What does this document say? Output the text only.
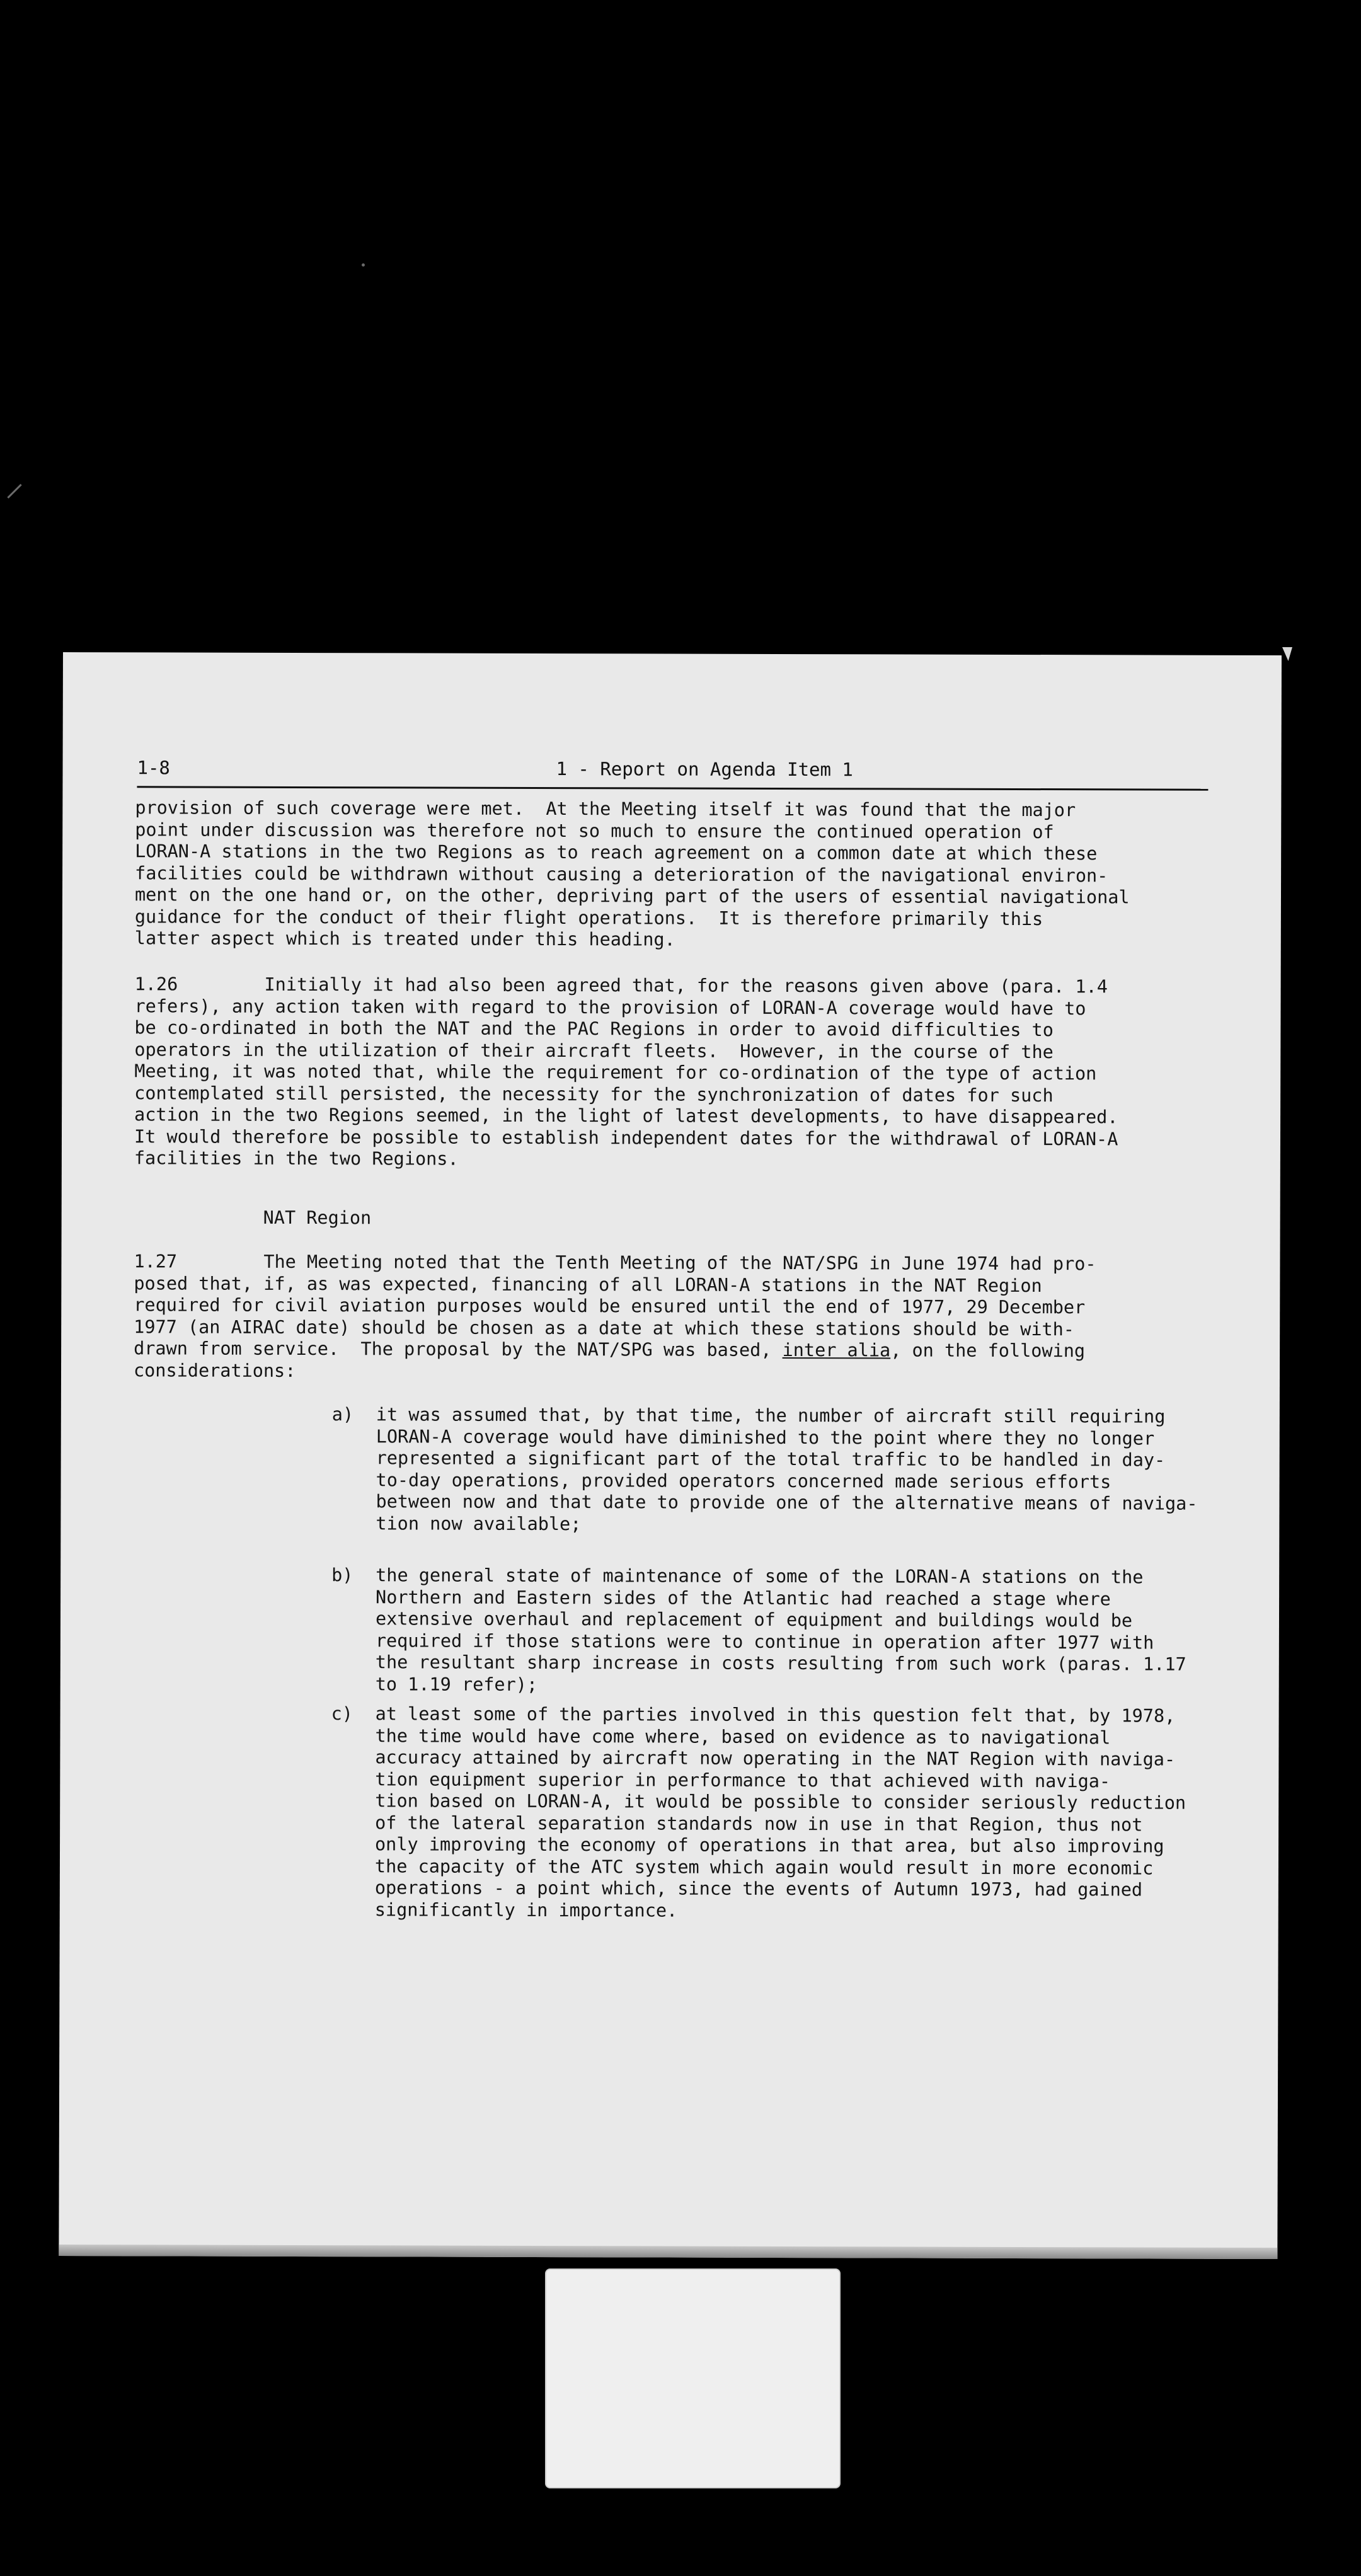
1-8	1 - Report on Agenda Item 1
provision of such coverage were met.  At the Meeting itself it was found that the major
point under discussion was therefore not so much to ensure the continued operation of
LORAN-A stations in the two Regions as to reach agreement on a common date at which these
facilities could be withdrawn without causing a deterioration of the navigational environ-
ment on the one hand or, on the other, depriving part of the users of essential navigational
guidance for the conduct of their flight operations.  It is therefore primarily this
latter aspect which is treated under this heading.
1.26        Initially it had also been agreed that, for the reasons given above (para. 1.4
refers), any action taken with regard to the provision of LORAN-A coverage would have to
be co-ordinated in both the NAT and the PAC Regions in order to avoid difficulties to
operators in the utilization of their aircraft fleets.  However, in the course of the
Meeting, it was noted that, while the requirement for co-ordination of the type of action
contemplated still persisted, the necessity for the synchronization of dates for such
action in the two Regions seemed, in the light of latest developments, to have disappeared.
It would therefore be possible to establish independent dates for the withdrawal of LORAN-A
facilities in the two Regions.
NAT Region
1.27        The Meeting noted that the Tenth Meeting of the NAT/SPG in June 1974 had pro-
posed that, if, as was expected, financing of all LORAN-A stations in the NAT Region
required for civil aviation purposes would be ensured until the end of 1977, 29 December
1977 (an AIRAC date) should be chosen as a date at which these stations should be with-
drawn from service.  The proposal by the NAT/SPG was based, inter alia, on the following
considerations:
a) it was assumed that, by that time, the number of aircraft still requiring
LORAN-A coverage would have diminished to the point where they no longer
represented a significant part of the total traffic to be handled in day-
to-day operations, provided operators concerned made serious efforts
between now and that date to provide one of the alternative means of naviga-
tion now available;
b) the general state of maintenance of some of the LORAN-A stations on the
Northern and Eastern sides of the Atlantic had reached a stage where
extensive overhaul and replacement of equipment and buildings would be
required if those stations were to continue in operation after 1977 with
the resultant sharp increase in costs resulting from such work (paras. 1.17
to 1.19 refer);
c) at least some of the parties involved in this question felt that, by 1978,
the time would have come where, based on evidence as to navigational
accuracy attained by aircraft now operating in the NAT Region with naviga-
tion equipment superior in performance to that achieved with naviga-
tion based on LORAN-A, it would be possible to consider seriously reduction
of the lateral separation standards now in use in that Region, thus not
only improving the economy of operations in that area, but also improving
the capacity of the ATC system which again would result in more economic
operations - a point which, since the events of Autumn 1973, had gained
significantly in importance.
